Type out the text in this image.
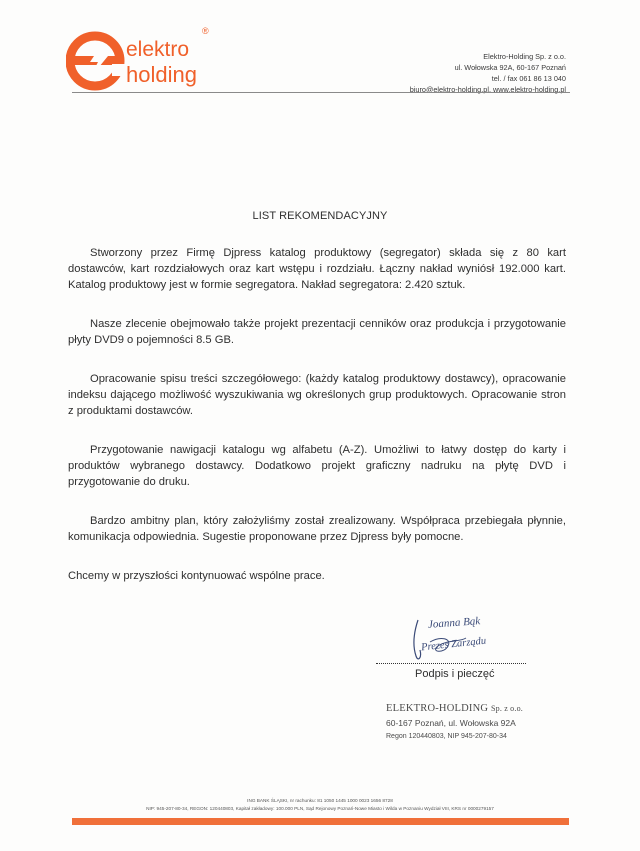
elektro
holding
®
Elektro-Holding Sp. z o.o.
ul. Wołowska 92A, 60-167 Poznań
tel. / fax 061 86 13 040
biuro@elektro-holding.pl, www.elektro-holding.pl
LIST REKOMENDACYJNY

Stworzony przez Firmę Djpress katalog produktowy (segregator) składa się z 80 kart dostawców, kart rozdziałowych oraz kart wstępu i rozdziału. Łączny nakład wyniósł 192.000 kart. Katalog produktowy jest w formie segregatora. Nakład segregatora: 2.420 sztuk.

Nasze zlecenie obejmowało także projekt prezentacji cenników oraz produkcja i przygotowanie płyty DVD9 o pojemności 8.5 GB.

Opracowanie spisu treści szczegółowego: (każdy katalog produktowy dostawcy), opracowanie indeksu dającego możliwość wyszukiwania wg określonych grup produktowych. Opracowanie stron z produktami dostawców.

Przygotowanie nawigacji katalogu wg alfabetu (A-Z). Umożliwi to łatwy dostęp do karty i produktów wybranego dostawcy. Dodatkowo projekt graficzny nadruku na płytę DVD i przygotowanie do druku.

Bardzo ambitny plan, który założyliśmy został zrealizowany. Współpraca przebiegała płynnie, komunikacja odpowiednia. Sugestie proponowane przez Djpress były pomocne.

Chcemy w przyszłości kontynuować wspólne prace.

Joanna Bąk
Prezes Zarządu
Podpis i pieczęć
ELEKTRO-HOLDING Sp. z o.o.
60-167 Poznań, ul. Wołowska 92A
Regon 120440803, NIP 945-207-80-34
ING BANK ŚLĄSKI, nr rachunku: 81 1050 1445 1000 0023 1656 8728
NIP: 945-207-80-34, REGON: 120440803, Kapitał zakładowy: 100.000 PLN, Sąd Rejonowy Poznań-Nowe Miasto i Wilda w Poznaniu Wydział VIII, KRS nr 0000279157
